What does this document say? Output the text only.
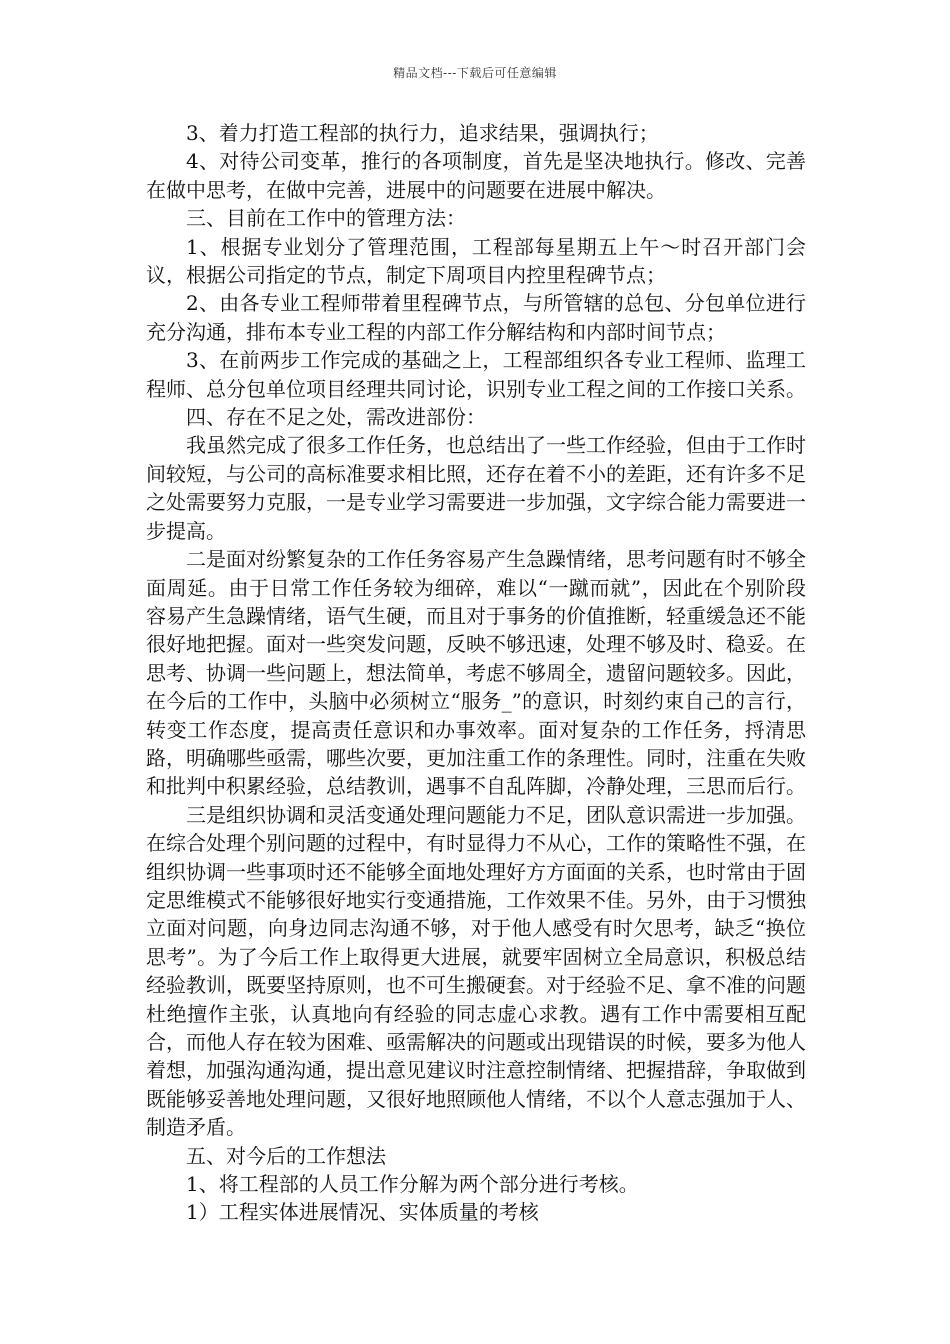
精品文档---下载后可任意编辑

3、着力打造工程部的执行力，追求结果，强调执行；

4、对待公司变革，推行的各项制度，首先是坚决地执行。修改、完善在做中思考，在做中完善，进展中的问题要在进展中解决。

三、目前在工作中的管理方法：

1、根据专业划分了管理范围，工程部每星期五上午～时召开部门会议，根据公司指定的节点，制定下周项目内控里程碑节点；

2、由各专业工程师带着里程碑节点，与所管辖的总包、分包单位进行充分沟通，排布本专业工程的内部工作分解结构和内部时间节点；

3、在前两步工作完成的基础之上，工程部组织各专业工程师、监理工程师、总分包单位项目经理共同讨论，识别专业工程之间的工作接口关系。

四、存在不足之处，需改进部份：

我虽然完成了很多工作任务，也总结出了一些工作经验，但由于工作时间较短，与公司的高标准要求相比照，还存在着不小的差距，还有许多不足之处需要努力克服，一是专业学习需要进一步加强，文字综合能力需要进一步提高。

二是面对纷繁复杂的工作任务容易产生急躁情绪，思考问题有时不够全面周延。由于日常工作任务较为细碎，难以“一蹴而就”，因此在个别阶段容易产生急躁情绪，语气生硬，而且对于事务的价值推断，轻重缓急还不能很好地把握。面对一些突发问题，反映不够迅速，处理不够及时、稳妥。在思考、协调一些问题上，想法简单，考虑不够周全，遗留问题较多。因此，在今后的工作中，头脑中必须树立“服务_”的意识，时刻约束自己的言行，转变工作态度，提高责任意识和办事效率。面对复杂的工作任务，捋清思路，明确哪些亟需，哪些次要，更加注重工作的条理性。同时，注重在失败和批判中积累经验，总结教训，遇事不自乱阵脚，冷静处理，三思而后行。

三是组织协调和灵活变通处理问题能力不足，团队意识需进一步加强。在综合处理个别问题的过程中，有时显得力不从心，工作的策略性不强，在组织协调一些事项时还不能够全面地处理好方方面面的关系，也时常由于固定思维模式不能够很好地实行变通措施，工作效果不佳。另外，由于习惯独立面对问题，向身边同志沟通不够，对于他人感受有时欠思考，缺乏“换位思考”。为了今后工作上取得更大进展，就要牢固树立全局意识，积极总结经验教训，既要坚持原则，也不可生搬硬套。对于经验不足、拿不准的问题杜绝擅作主张，认真地向有经验的同志虚心求教。遇有工作中需要相互配合，而他人存在较为困难、亟需解决的问题或出现错误的时候，要多为他人着想，加强沟通沟通，提出意见建议时注意控制情绪、把握措辞，争取做到既能够妥善地处理问题，又很好地照顾他人情绪，不以个人意志强加于人、制造矛盾。

五、对今后的工作想法

1、将工程部的人员工作分解为两个部分进行考核。

1）工程实体进展情况、实体质量的考核
